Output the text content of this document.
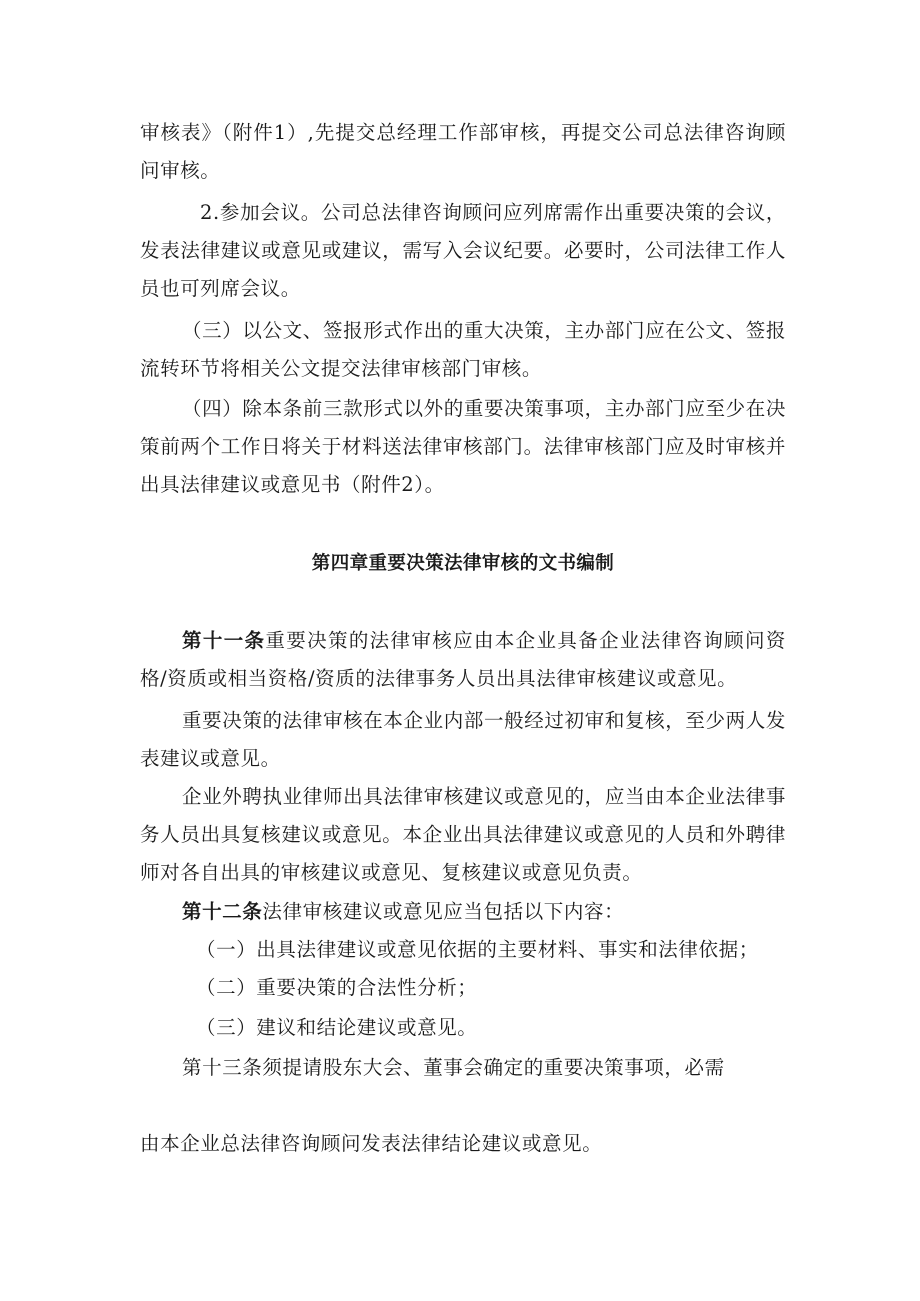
审核表》（附件1）,先提交总经理工作部审核，再提交公司总法律咨询顾问审核。

2.参加会议。公司总法律咨询顾问应列席需作出重要决策的会议，发表法律建议或意见或建议，需写入会议纪要。必要时，公司法律工作人员也可列席会议。

（三）以公文、签报形式作出的重大决策，主办部门应在公文、签报流转环节将相关公文提交法律审核部门审核。

（四）除本条前三款形式以外的重要决策事项，主办部门应至少在决策前两个工作日将关于材料送法律审核部门。法律审核部门应及时审核并出具法律建议或意见书（附件2）。

第四章重要决策法律审核的文书编制

第十一条重要决策的法律审核应由本企业具备企业法律咨询顾问资格/资质或相当资格/资质的法律事务人员出具法律审核建议或意见。

重要决策的法律审核在本企业内部一般经过初审和复核，至少两人发表建议或意见。

企业外聘执业律师出具法律审核建议或意见的，应当由本企业法律事务人员出具复核建议或意见。本企业出具法律建议或意见的人员和外聘律师对各自出具的审核建议或意见、复核建议或意见负责。

第十二条法律审核建议或意见应当包括以下内容：

（一）出具法律建议或意见依据的主要材料、事实和法律依据；

（二）重要决策的合法性分析；

（三）建议和结论建议或意见。

第十三条须提请股东大会、董事会确定的重要决策事项，必需

由本企业总法律咨询顾问发表法律结论建议或意见。
